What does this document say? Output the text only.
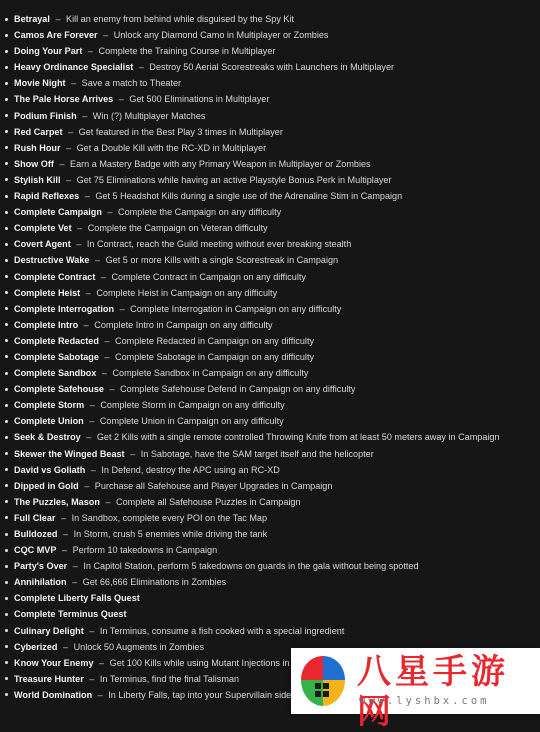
Betrayal – Kill an enemy from behind while disguised by the Spy Kit
Camos Are Forever – Unlock any Diamond Camo in Multiplayer or Zombies
Doing Your Part – Complete the Training Course in Multiplayer
Heavy Ordinance Specialist – Destroy 50 Aerial Scorestreaks with Launchers in Multiplayer
Movie Night – Save a match to Theater
The Pale Horse Arrives – Get 500 Eliminations in Multiplayer
Podium Finish – Win (?) Multiplayer Matches
Red Carpet – Get featured in the Best Play 3 times in Multiplayer
Rush Hour – Get a Double Kill with the RC-XD in Multiplayer
Show Off – Earn a Mastery Badge with any Primary Weapon in Multiplayer or Zombies
Stylish Kill – Get 75 Eliminations while having an active Playstyle Bonus Perk in Multiplayer
Rapid Reflexes – Get 5 Headshot Kills during a single use of the Adrenaline Stim in Campaign
Complete Campaign – Complete the Campaign on any difficulty
Complete Vet – Complete the Campaign on Veteran difficulty
Covert Agent – In Contract, reach the Guild meeting without ever breaking stealth
Destructive Wake – Get 5 or more Kills with a single Scorestreak in Campaign
Complete Contract – Complete Contract in Campaign on any difficulty
Complete Heist – Complete Heist in Campaign on any difficulty
Complete Interrogation – Complete Interrogation in Campaign on any difficulty
Complete Intro – Complete Intro in Campaign on any difficulty
Complete Redacted – Complete Redacted in Campaign on any difficulty
Complete Sabotage – Complete Sabotage in Campaign on any difficulty
Complete Sandbox – Complete Sandbox in Campaign on any difficulty
Complete Safehouse – Complete Safehouse Defend in Campaign on any difficulty
Complete Storm – Complete Storm in Campaign on any difficulty
Complete Union – Complete Union in Campaign on any difficulty
Seek & Destroy – Get 2 Kills with a single remote controlled Throwing Knife from at least 50 meters away in Campaign
Skewer the Winged Beast – In Sabotage, have the SAM target itself and the helicopter
David vs Goliath – In Defend, destroy the APC using an RC-XD
Dipped in Gold – Purchase all Safehouse and Player Upgrades in Campaign
The Puzzles, Mason – Complete all Safehouse Puzzles in Campaign
Full Clear – In Sandbox, complete every POI on the Tac Map
Bulldozed – In Storm, crush 5 enemies while driving the tank
CQC MVP – Perform 10 takedowns in Campaign
Party's Over – In Capitol Station, perform 5 takedowns on guards in the gala without being spotted
Annihilation – Get 66,666 Eliminations in Zombies
Complete Liberty Falls Quest
Complete Terminus Quest
Culinary Delight – In Terminus, consume a fish cooked with a special ingredient
Cyberized – Unlock 50 Augments in Zombies
Know Your Enemy – Get 100 Kills while using Mutant Injections in
Treasure Hunter – In Terminus, find the final Talisman
World Domination – In Liberty Falls, tap into your Supervillain side
八星手游网
www.lyshbx.com
